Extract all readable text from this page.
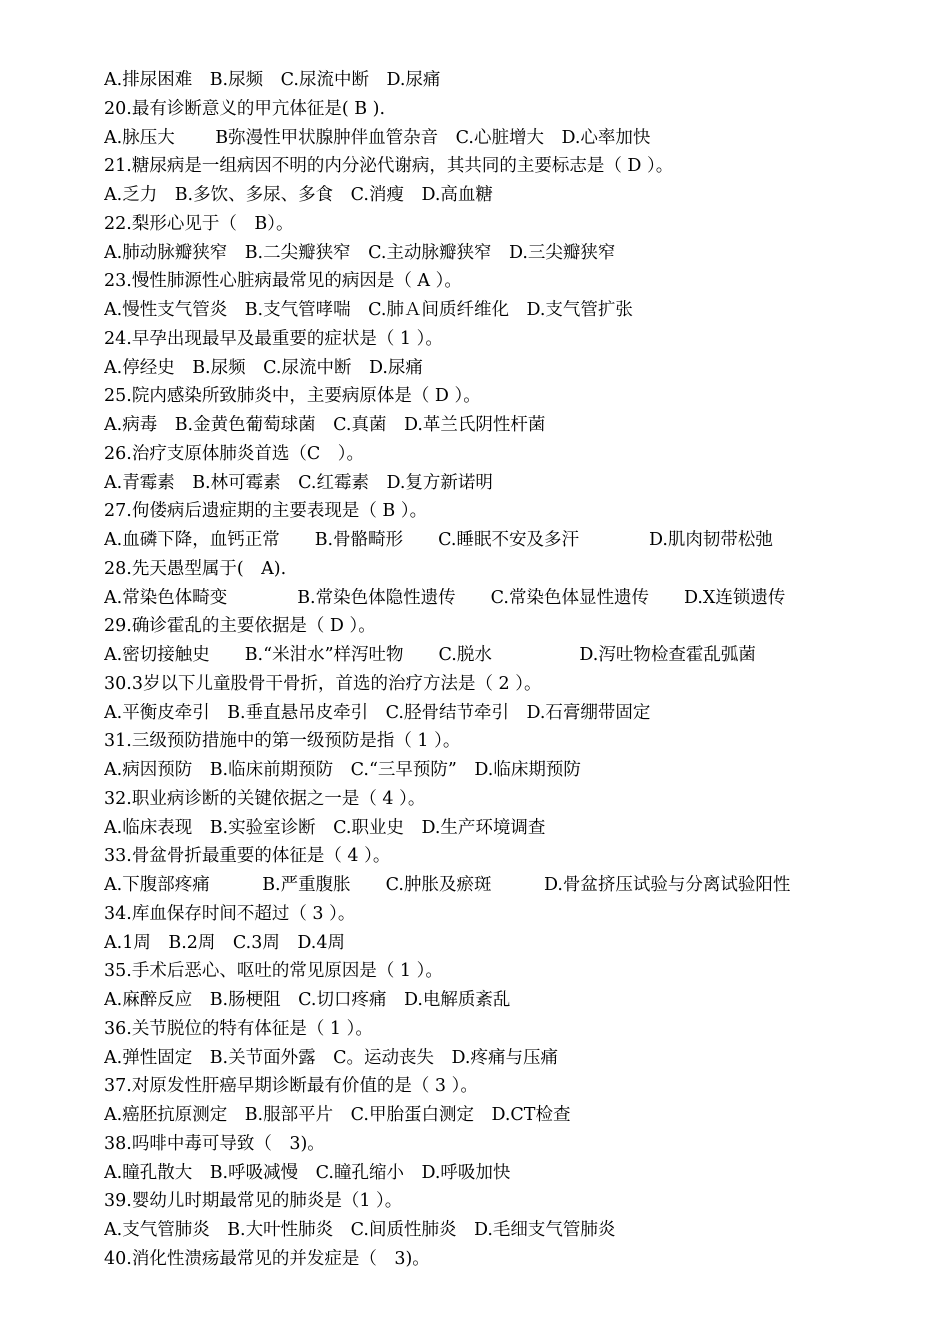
A.排尿困难　B.尿频　C.尿流中断　D.尿痛
20.最有诊断意义的甲亢体征是( B ).
A.脉压大　　 B弥漫性甲状腺肿伴血管杂音　C.心脏增大　D.心率加快
21.糖尿病是一组病因不明的内分泌代谢病，其共同的主要标志是（ D ）。
A.乏力　B.多饮、多尿、多食　C.消瘦　D.高血糖
22.梨形心见于（　B）。
A.肺动脉瓣狭窄　B.二尖瓣狭窄　C.主动脉瓣狭窄　D.三尖瓣狭窄
23.慢性肺源性心脏病最常见的病因是（ A ）。
A.慢性支气管炎　B.支气管哮喘　C.肺Ａ间质纤维化　D.支气管扩张
24.早孕出现最早及最重要的症状是（ 1 ）。
A.停经史　B.尿频　C.尿流中断　D.尿痛
25.院内感染所致肺炎中，主要病原体是（ D ）。
A.病毒　B.金黄色葡萄球菌　C.真菌　D.革兰氏阴性杆菌
26.治疗支原体肺炎首选（C　）。
A.青霉素　B.林可霉素　C.红霉素　D.复方新诺明
27.佝偻病后遗症期的主要表现是（ B ）。
A.血磷下降，血钙正常　　B.骨骼畸形　　C.睡眠不安及多汗　　　　D.肌肉韧带松弛
28.先天愚型属于(　A).
A.常染色体畸变　　　　B.常染色体隐性遗传　　C.常染色体显性遗传　　D.X连锁遗传
29.确诊霍乱的主要依据是（ D ）。
A.密切接触史　　B.“米泔水”样泻吐物　　C.脱水　　　　　D.泻吐物检查霍乱弧菌
30.3岁以下儿童股骨干骨折，首选的治疗方法是（ 2 ）。
A.平衡皮牵引　B.垂直悬吊皮牵引　C.胫骨结节牵引　D.石膏绷带固定
31.三级预防措施中的第一级预防是指（ 1 ）。
A.病因预防　B.临床前期预防　C.“三早预防”　D.临床期预防
32.职业病诊断的关键依据之一是（ 4 ）。
A.临床表现　B.实验室诊断　C.职业史　D.生产环境调查
33.骨盆骨折最重要的体征是（ 4 ）。
A.下腹部疼痛　　　B.严重腹胀　　C.肿胀及瘀斑　　　D.骨盆挤压试验与分离试验阳性
34.库血保存时间不超过（ 3 ）。
A.1周　B.2周　C.3周　D.4周
35.手术后恶心、呕吐的常见原因是（ 1 ）。
A.麻醉反应　B.肠梗阻　C.切口疼痛　D.电解质紊乱
36.关节脱位的特有体征是（ 1 ）。
A.弹性固定　B.关节面外露　C。运动丧失　D.疼痛与压痛
37.对原发性肝癌早期诊断最有价值的是（ 3 ）。
A.癌胚抗原测定　B.服部平片　C.甲胎蛋白测定　D.CT检查
38.吗啡中毒可导致（　3)。
A.瞳孔散大　B.呼吸减慢　C.瞳孔缩小　D.呼吸加快
39.婴幼儿时期最常见的肺炎是（1 ）。
A.支气管肺炎　B.大叶性肺炎　C.间质性肺炎　D.毛细支气管肺炎
40.消化性溃疡最常见的并发症是（　3)。
